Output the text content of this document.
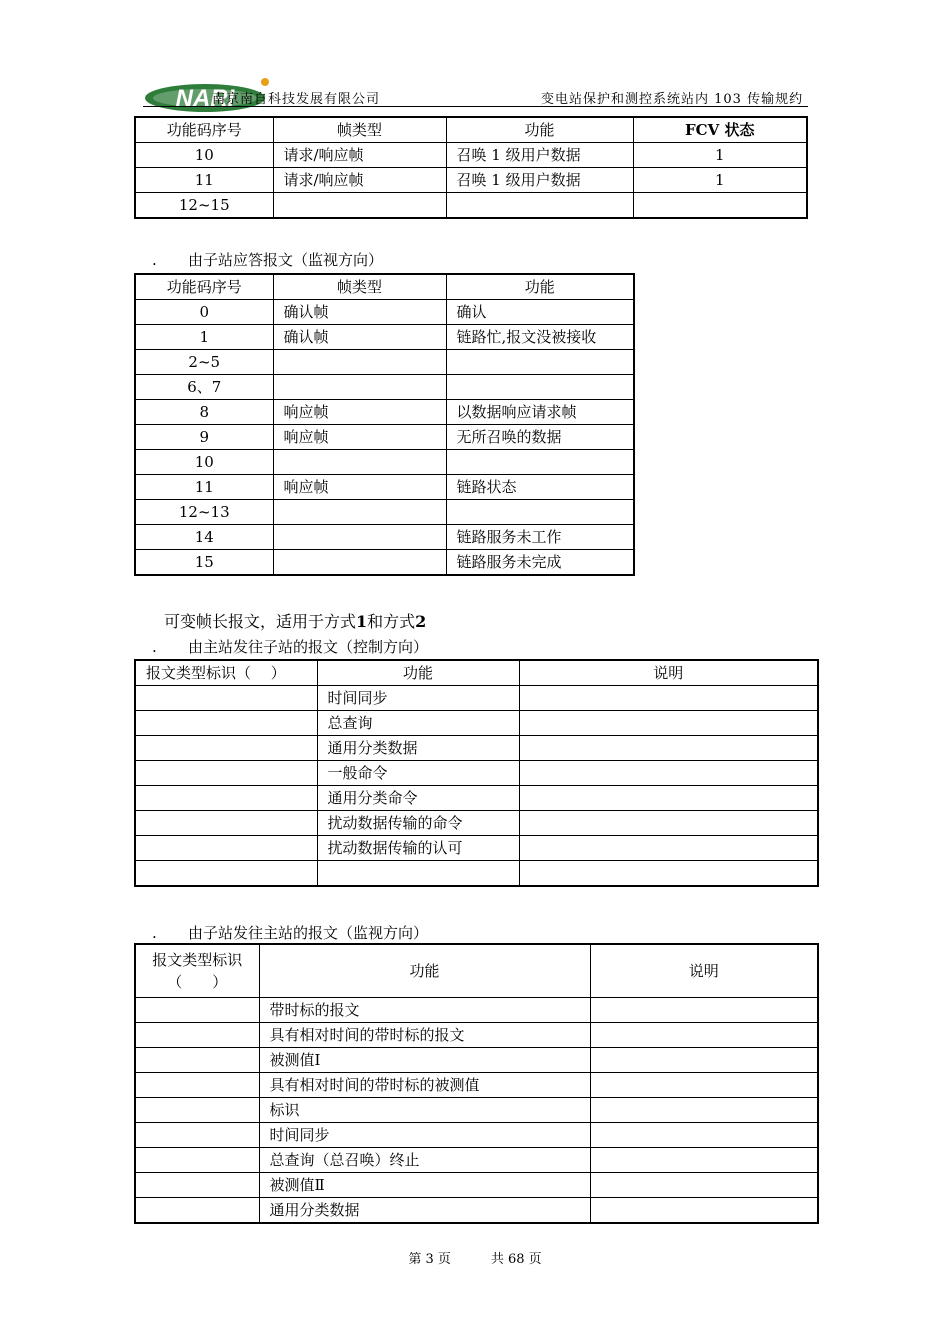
NARI
南京南自科技发展有限公司	变电站保护和测控系统站内 103 传输规约
功能码序号	帧类型	功能	FCV 状态
10	请求/响应帧	召唤 1 级用户数据	1
11	请求/响应帧	召唤 1 级用户数据	1
12~15			
. 由子站应答报文（监视方向）
功能码序号	帧类型	功能
0	确认帧	确认
1	确认帧	链路忙,报文没被接收
2~5		
6、7		
8	响应帧	以数据响应请求帧
9	响应帧	无所召唤的数据
10		
11	响应帧	链路状态
12~13		
14		链路服务未工作
15		链路服务未完成
可变帧长报文，适用于方式1和方式2
. 由主站发往子站的报文（控制方向）
报文类型标识（　 ）	功能	说明
	时间同步	
	总查询	
	通用分类数据	
	一般命令	
	通用分类命令	
	扰动数据传输的命令	
	扰动数据传输的认可	

. 由子站发往主站的报文（监视方向）
报文类型标识
（　　）	功能	说明
	带时标的报文	
	具有相对时间的带时标的报文	
	被测值Ⅰ	
	具有相对时间的带时标的被测值	
	标识	
	时间同步	
	总查询（总召唤）终止	
	被测值Ⅱ	
	通用分类数据	
第 3 页	共 68 页
